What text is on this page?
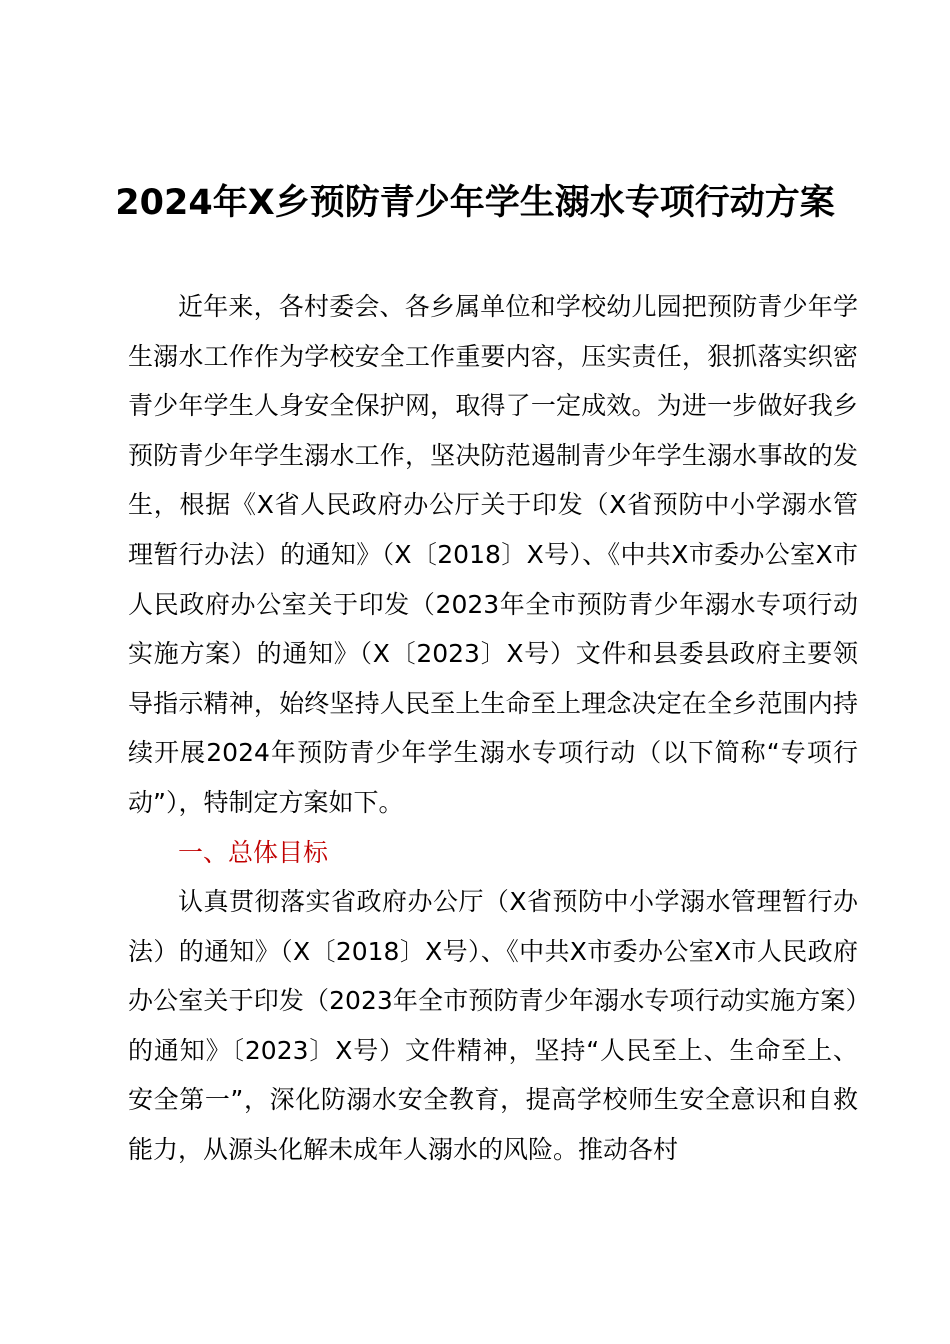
2024年X乡预防青少年学生溺水专项行动方案

近年来，各村委会、各乡属单位和学校幼儿园把预防青少年学生溺水工作作为学校安全工作重要内容，压实责任，狠抓落实织密青少年学生人身安全保护网，取得了一定成效。为进一步做好我乡预防青少年学生溺水工作，坚决防范遏制青少年学生溺水事故的发生，根据《X省人民政府办公厅关于印发（X省预防中小学溺水管理暂行办法）的通知》（X〔2018〕X号）、《中共X市委办公室X市人民政府办公室关于印发（2023年全市预防青少年溺水专项行动实施方案）的通知》（X〔2023〕X号）文件和县委县政府主要领导指示精神，始终坚持人民至上生命至上理念决定在全乡范围内持续开展2024年预防青少年学生溺水专项行动（以下简称“专项行动”），特制定方案如下。

一、总体目标

认真贯彻落实省政府办公厅（X省预防中小学溺水管理暂行办法）的通知》（X〔2018〕X号）、《中共X市委办公室X市人民政府办公室关于印发（2023年全市预防青少年溺水专项行动实施方案）的通知》〔2023〕X号）文件精神，坚持“人民至上、生命至上、安全第一”，深化防溺水安全教育，提高学校师生安全意识和自救能力，从源头化解未成年人溺水的风险。推动各村
